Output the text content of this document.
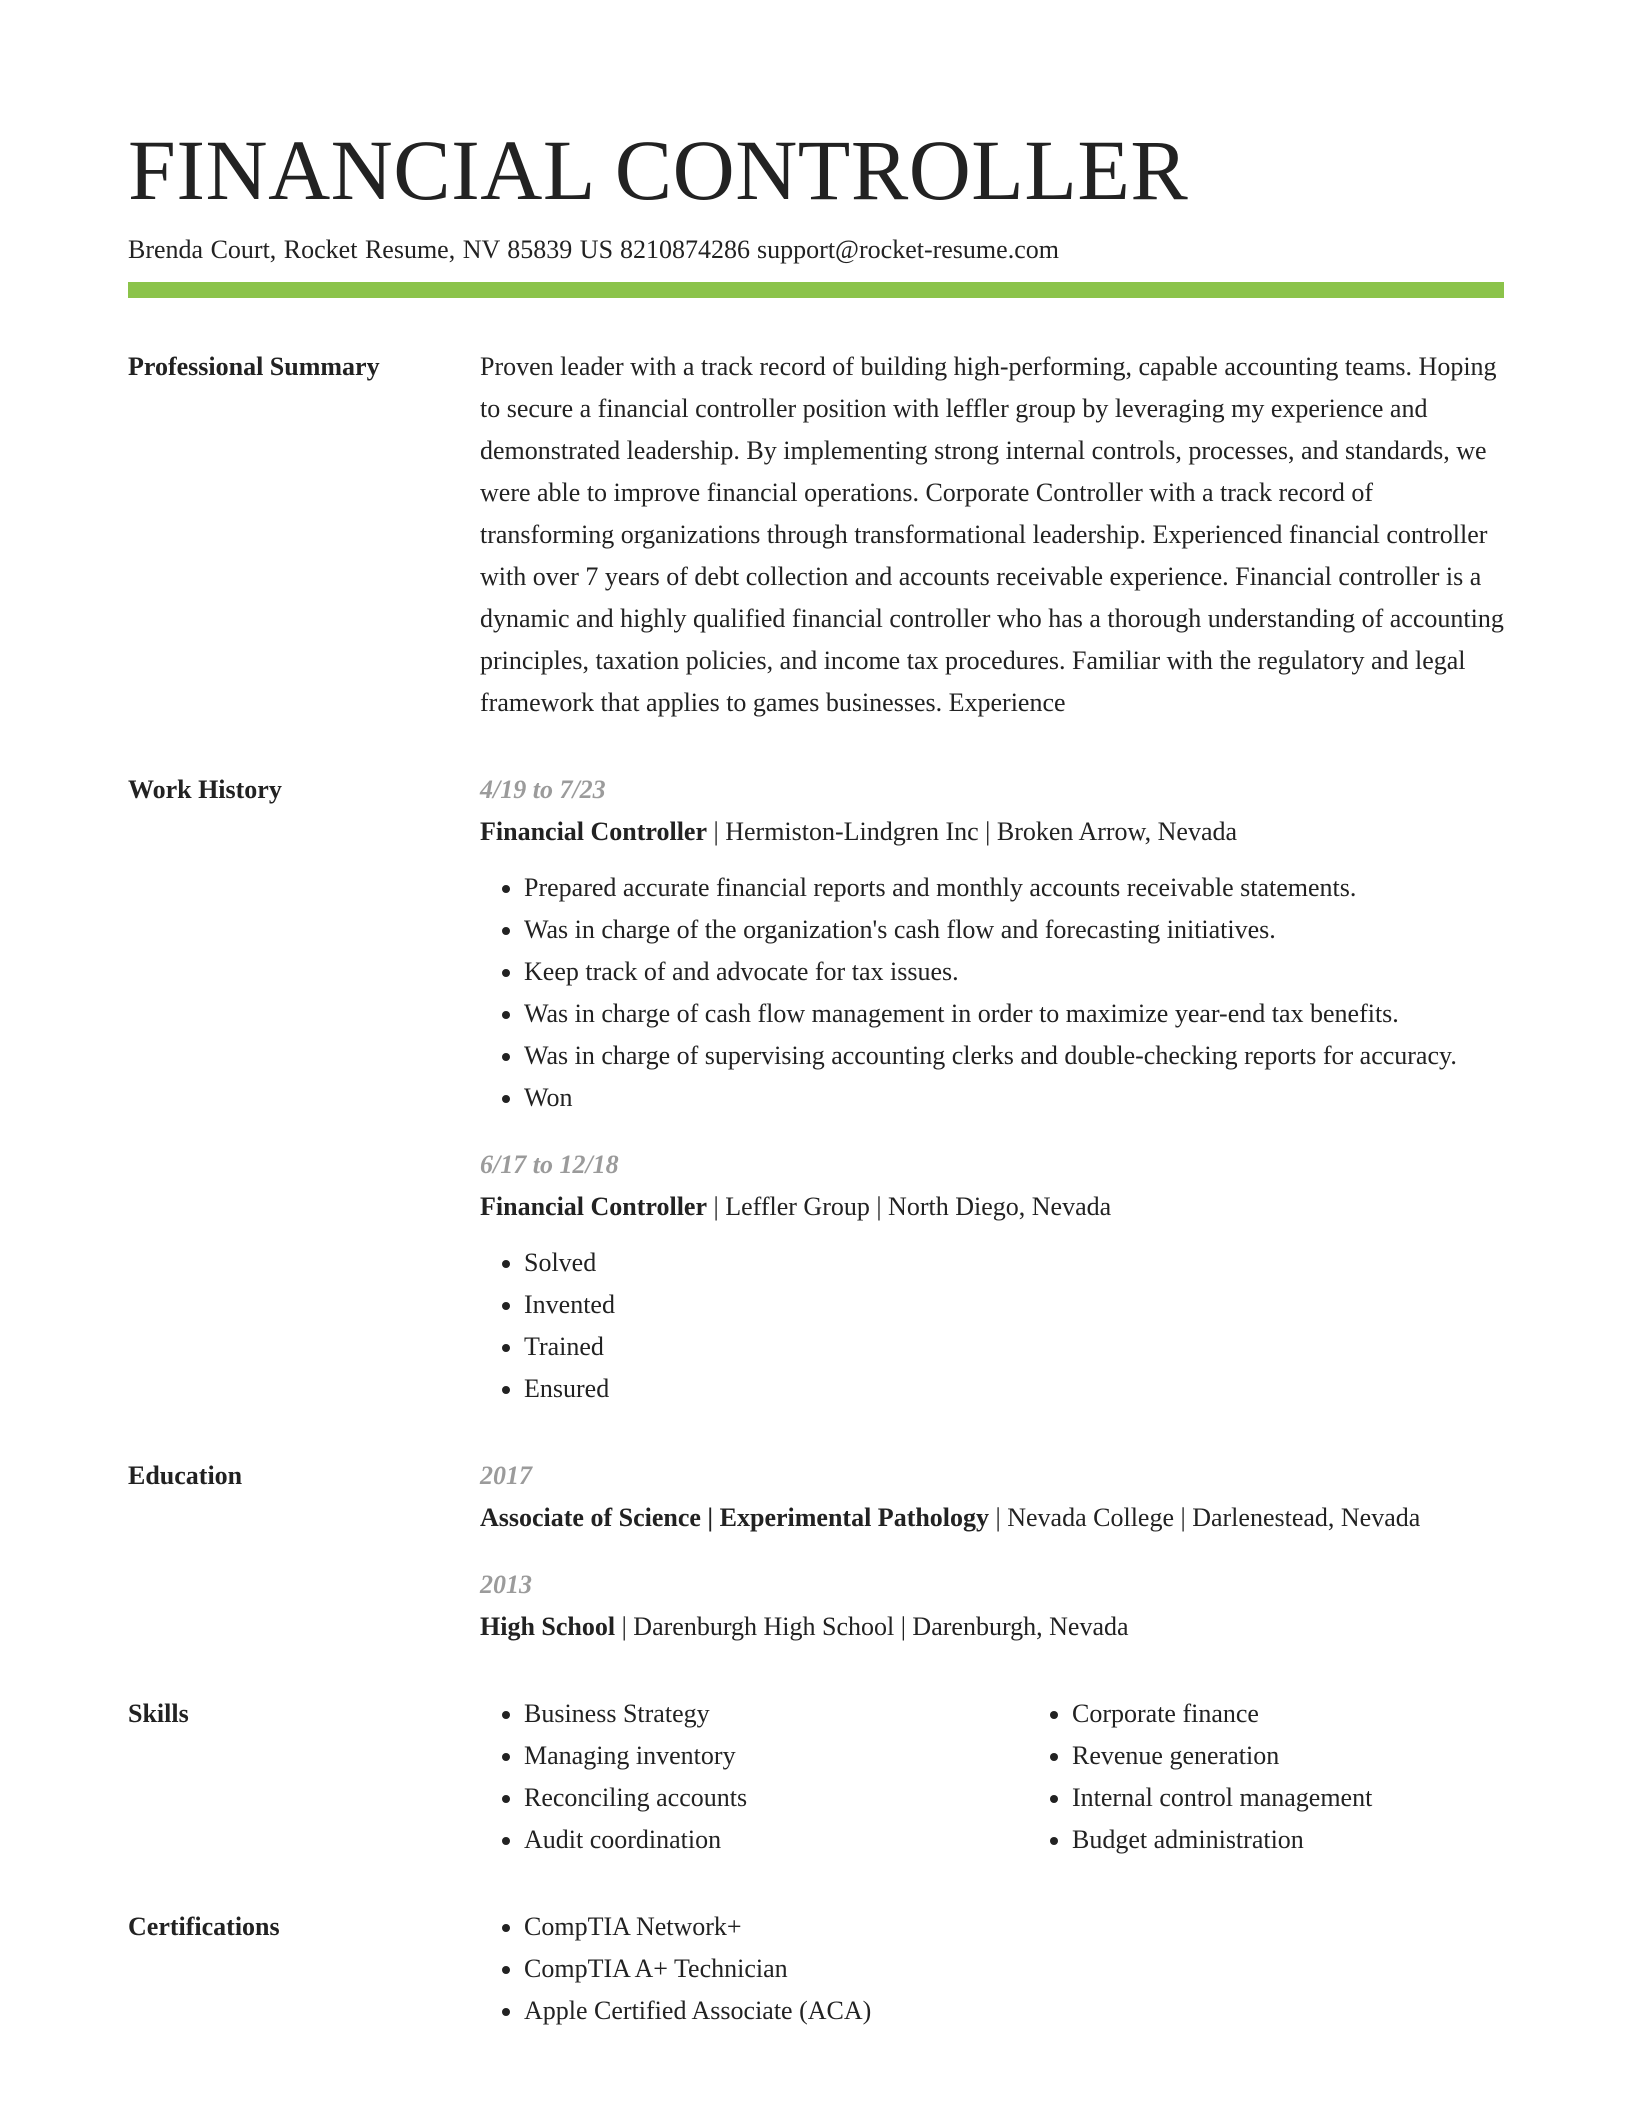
FINANCIAL CONTROLLER
Brenda Court, Rocket Resume, NV 85839 US 8210874286 support@rocket-resume.com
Professional Summary	Proven leader with a track record of building high-performing, capable accounting teams. Hoping to secure a financial controller position with leffler group by leveraging my experience and demonstrated leadership. By implementing strong internal controls, processes, and standards, we were able to improve financial operations. Corporate Controller with a track record of transforming organizations through transformational leadership. Experienced financial controller with over 7 years of debt collection and accounts receivable experience. Financial controller is a dynamic and highly qualified financial controller who has a thorough understanding of accounting principles, taxation policies, and income tax procedures. Familiar with the regulatory and legal framework that applies to games businesses. Experience

Work History	4/19 to 7/23
Financial Controller | Hermiston-Lindgren Inc | Broken Arrow, Nevada
• Prepared accurate financial reports and monthly accounts receivable statements.
• Was in charge of the organization's cash flow and forecasting initiatives.
• Keep track of and advocate for tax issues.
• Was in charge of cash flow management in order to maximize year-end tax benefits.
• Was in charge of supervising accounting clerks and double-checking reports for accuracy.
• Won
6/17 to 12/18
Financial Controller | Leffler Group | North Diego, Nevada
• Solved
• Invented
• Trained
• Ensured
Education	2017
Associate of Science | Experimental Pathology | Nevada College | Darlenestead, Nevada
2013
High School | Darenburgh High School | Darenburgh, Nevada
Skills	• Business Strategy
• Managing inventory
• Reconciling accounts
• Audit coordination
• Corporate finance
• Revenue generation
• Internal control management
• Budget administration
Certifications	• CompTIA Network+
• CompTIA A+ Technician
• Apple Certified Associate (ACA)
